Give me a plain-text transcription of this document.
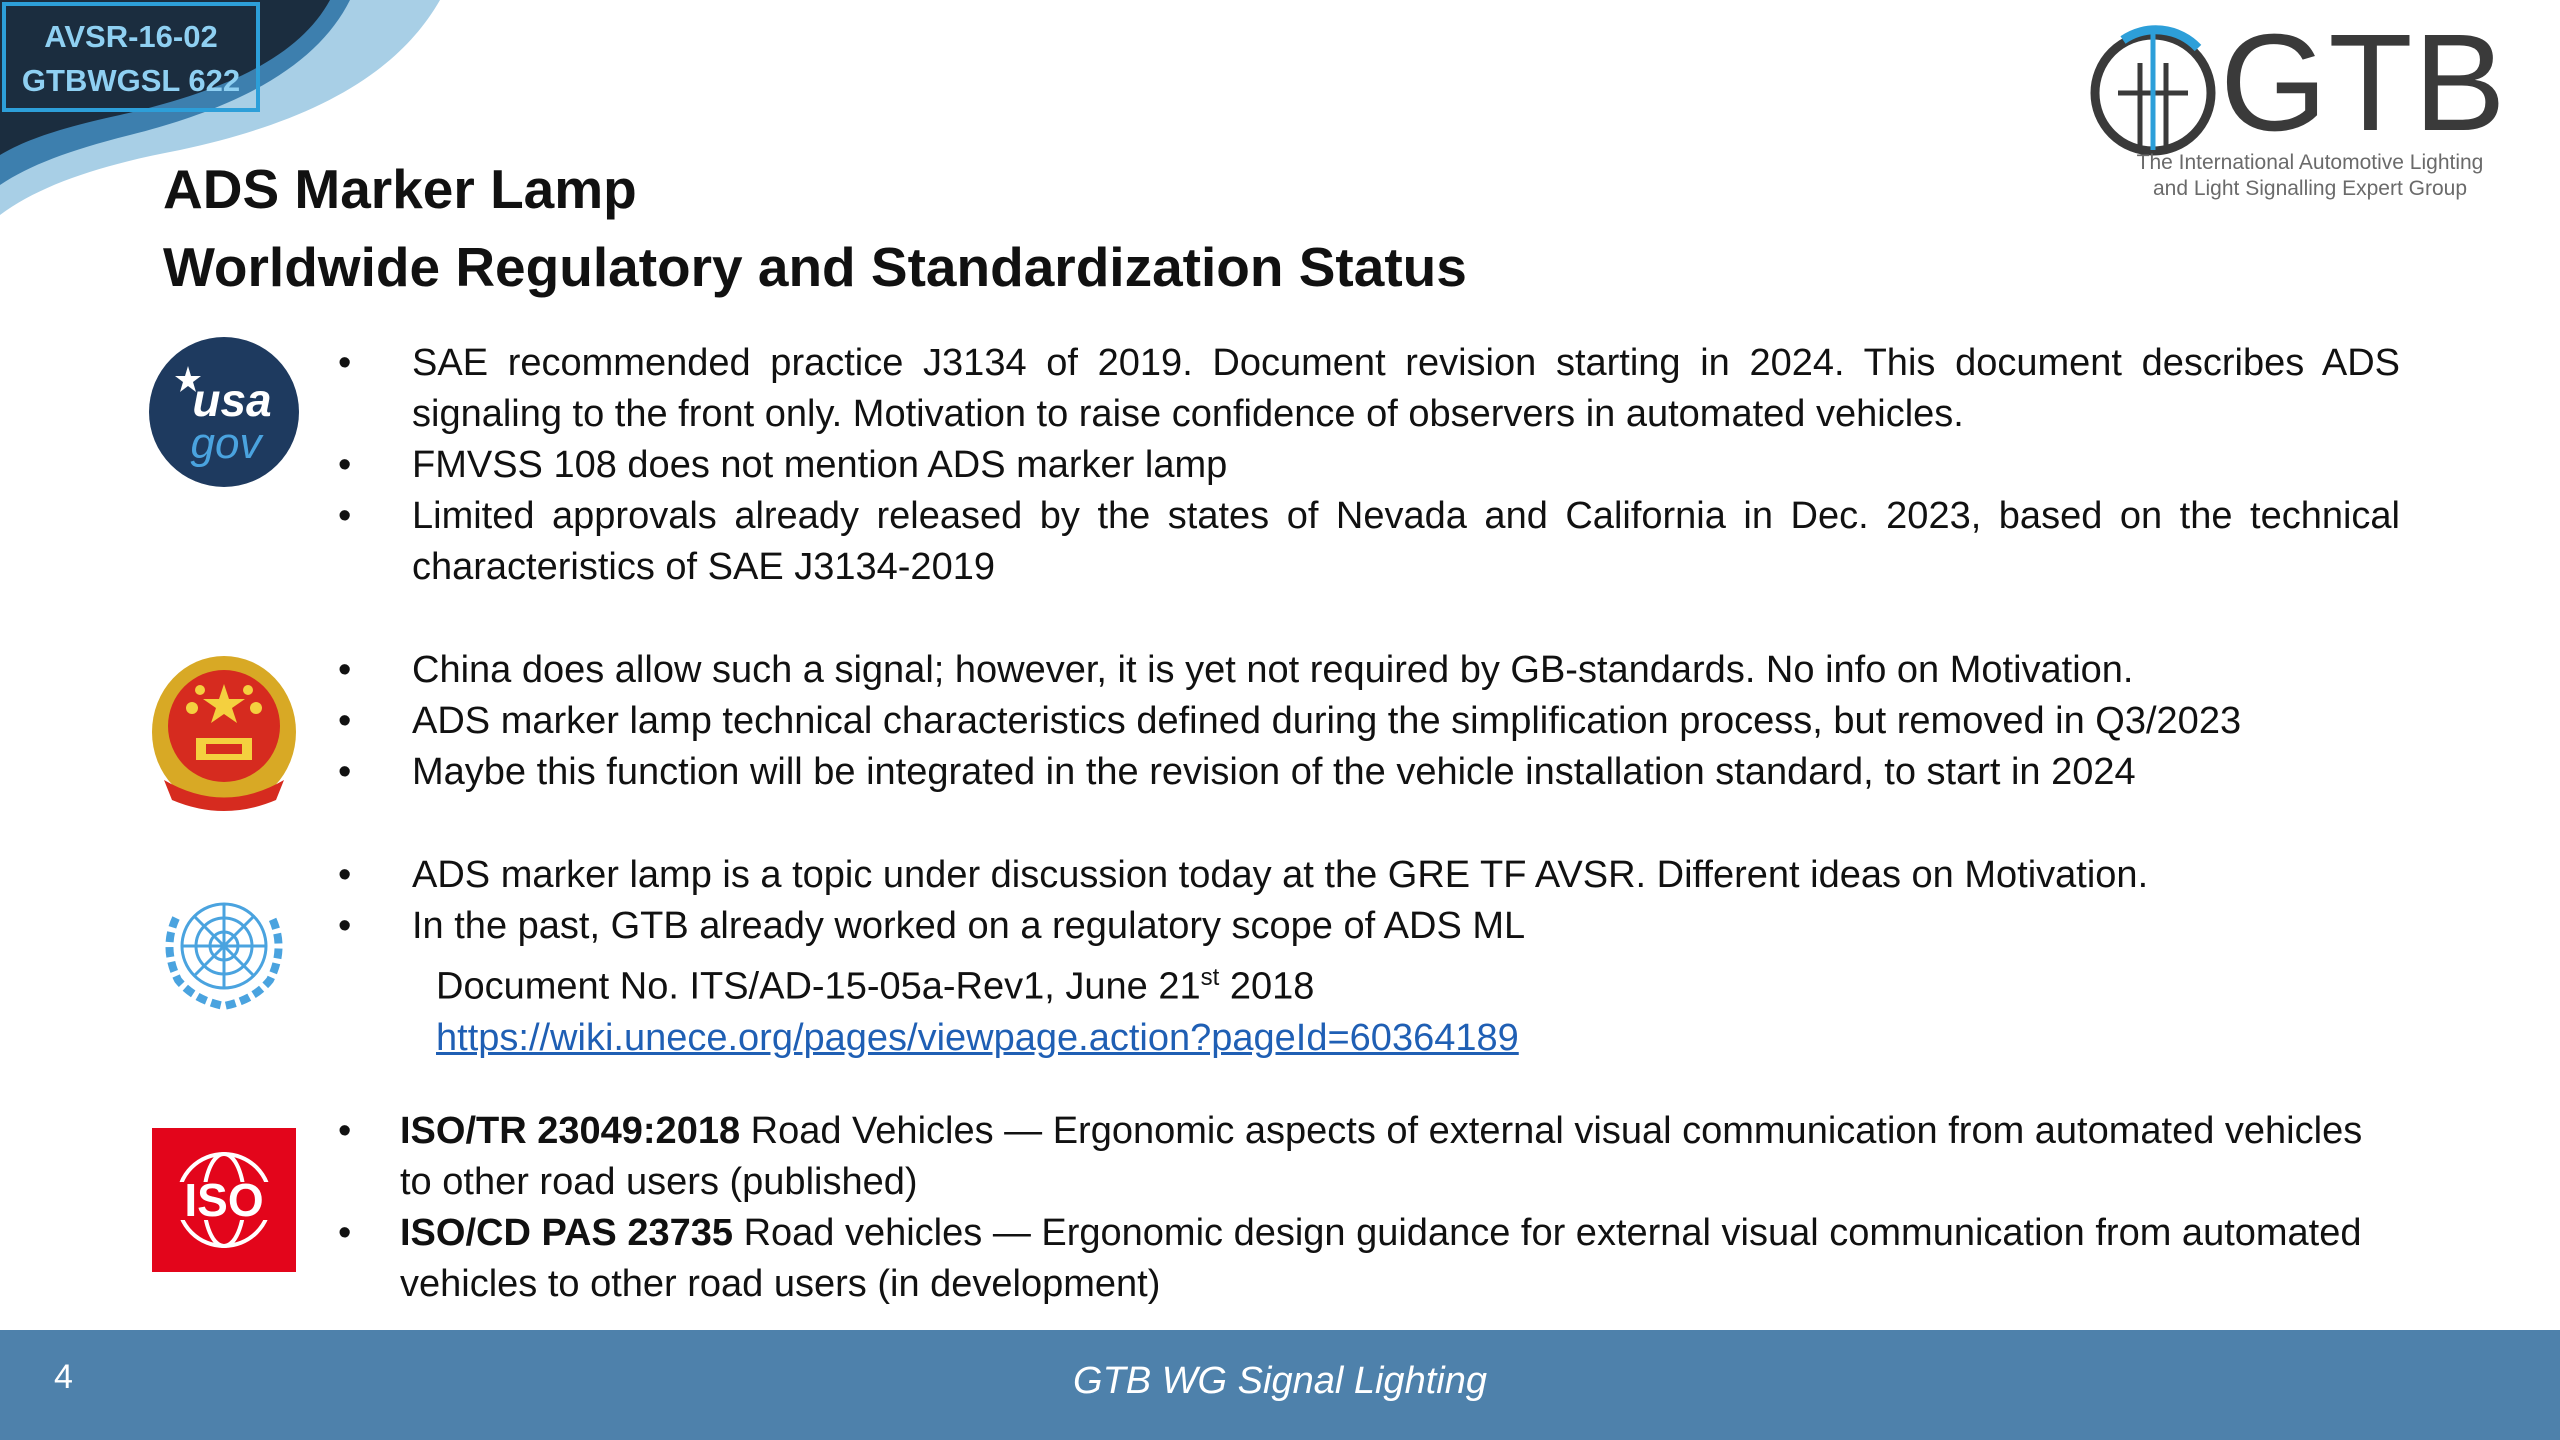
AVSR-16-02
GTBWGSL 622	GTB
The International Automotive Lighting
and Light Signalling Expert Group
ADS Marker Lamp
Worldwide Regulatory and Standardization Status
usa
gov
• SAE recommended practice J3134 of 2019. Document revision starting in 2024. This document describes ADS signaling to the front only. Motivation to raise confidence of observers in automated vehicles.
• FMVSS 108 does not mention ADS marker lamp
• Limited approvals already released by the states of Nevada and California in Dec. 2023, based on the technical characteristics of SAE J3134-2019
• China does allow such a signal; however, it is yet not required by GB-standards. No info on Motivation.
• ADS marker lamp technical characteristics defined during the simplification process, but removed in Q3/2023
• Maybe this function will be integrated in the revision of the vehicle installation standard, to start in 2024
• ADS marker lamp is a topic under discussion today at the GRE TF AVSR. Different ideas on Motivation.
• In the past, GTB already worked on a regulatory scope of ADS ML
Document No. ITS/AD-15-05a-Rev1, June 21st 2018
https://wiki.unece.org/pages/viewpage.action?pageId=60364189
ISO
• ISO/TR 23049:2018 Road Vehicles — Ergonomic aspects of external visual communication from automated vehicles to other road users (published)
• ISO/CD PAS 23735 Road vehicles — Ergonomic design guidance for external visual communication from automated vehicles to other road users (in development)
4	GTB WG Signal Lighting
